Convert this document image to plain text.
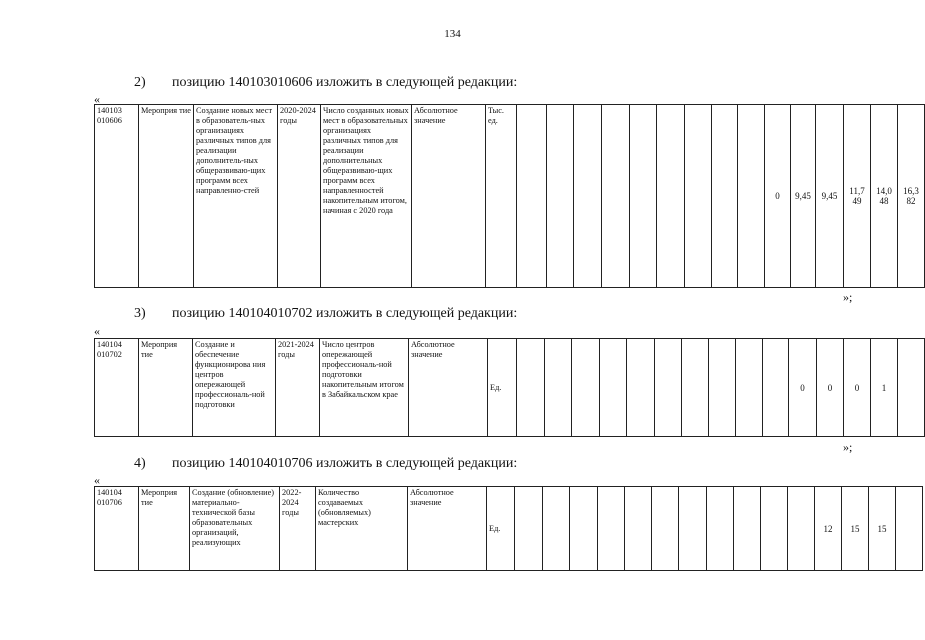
134
2) позицию 140103010606 изложить в следующей редакции:
«
140103 010606	Мероприя тие	Создание новых мест в образователь-ных организациях различных типов для реализации дополнитель-ных общеразвиваю-щих программ всех направленно-стей	2020-2024 годы	Число созданных новых мест в образовательных организациях различных типов для реализации дополнительных общеразвиваю-щих программ всех направленностей накопительным итогом, начиная с 2020 года	Абсолютное значение	Тыс. ед.										0	9,45	9,45	11,7 49	14,0 48	16,3 82	
»;
3) позицию 140104010702 изложить в следующей редакции:
«
140104 010702	Мероприя тие	Создание и обеспечение функционирова ния центров опережающей профессиональ-ной подготовки	2021-2024 годы	Число центров опережающей профессиональ-ной подготовки накопительным итогом в Забайкальском крае	Абсолютное значение	Ед.											0	0	0	1	
»;
4) позицию 140104010706 изложить в следующей редакции:
«
140104 010706	Мероприя тие	Создание (обновление) материально-технической базы образовательных организаций, реализующих	2022-2024 годы	Количество создаваемых (обновляемых) мастерских	Абсолютное значение	Ед.												12	15	15	
